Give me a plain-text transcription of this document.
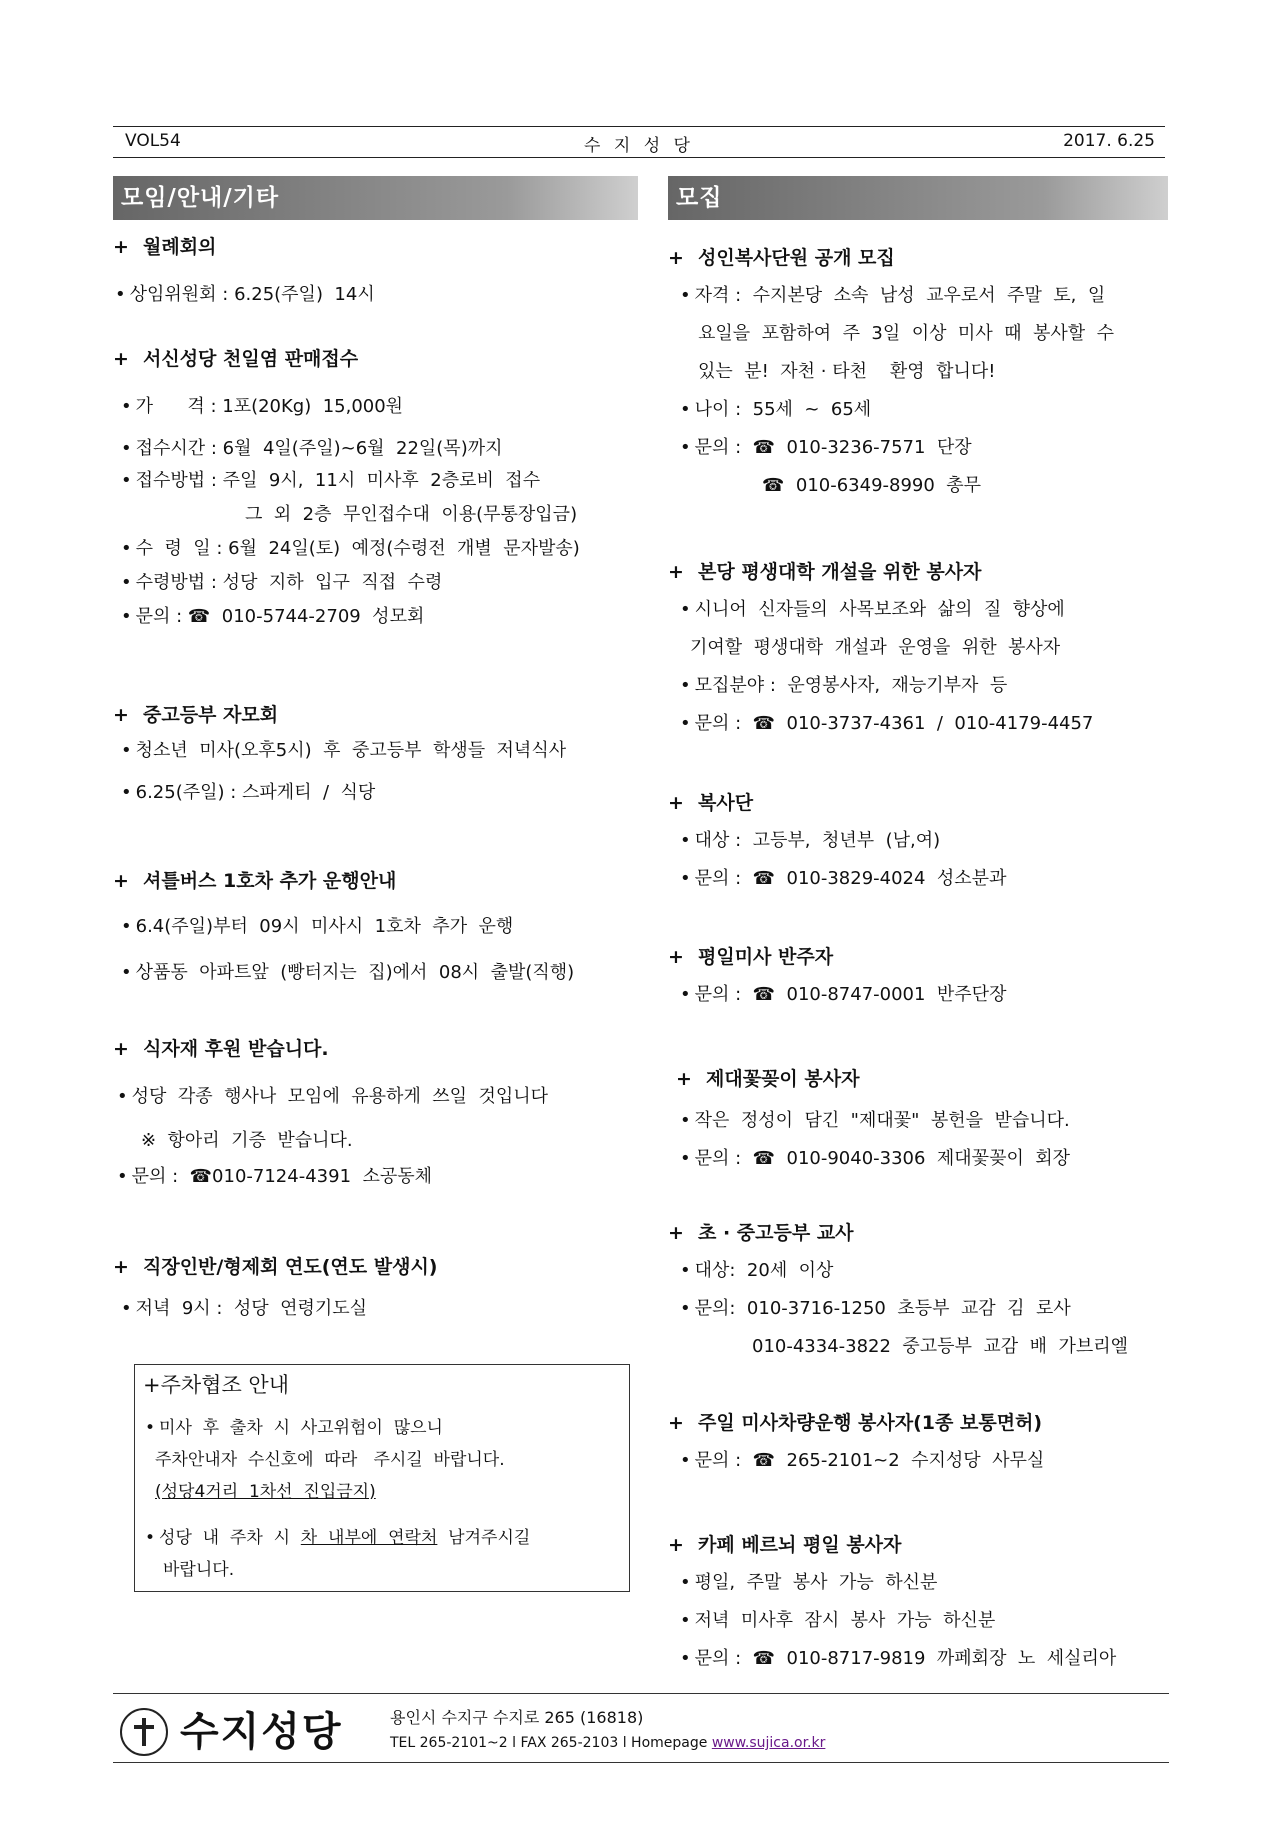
VOL54	수 지 성 당	2017. 6.25
모임/안내/기타
+ 월례회의
• 상임위원회 : 6.25(주일)  14시
+ 서신성당 천일염 판매접수
• 가      격 : 1포(20Kg)  15,000원
• 접수시간 : 6월  4일(주일)~6월  22일(목)까지
• 접수방법 : 주일  9시,  11시  미사후  2층로비  접수
그  외  2층  무인접수대  이용(무통장입금)
• 수  령  일 : 6월  24일(토)  예정(수령전  개별  문자발송)
• 수령방법 : 성당  지하  입구  직접  수령
• 문의 : ☎  010-5744-2709  성모회
+ 중고등부 자모회
• 청소년  미사(오후5시)  후  중고등부  학생들  저녁식사
• 6.25(주일) : 스파게티  /  식당
+ 셔틀버스 1호차 추가 운행안내
• 6.4(주일)부터  09시  미사시  1호차  추가  운행
• 상품동  아파트앞  (빵터지는  집)에서  08시  출발(직행)
+ 식자재 후원 받습니다.
• 성당  각종  행사나  모임에  유용하게  쓰일  것입니다
※  항아리  기증  받습니다.
• 문의 :  ☎010-7124-4391  소공동체
+ 직장인반/형제회 연도(연도 발생시)
• 저녁  9시 :  성당  연령기도실
+주차협조 안내
• 미사  후  출차  시  사고위험이  많으니
주차안내자  수신호에  따라   주시길  바랍니다.
(성당4거리  1차선  진입금지)
• 성당  내  주차  시  차  내부에  연락처  남겨주시길
바랍니다.
모집
+ 성인복사단원 공개 모집
• 자격 :  수지본당  소속  남성  교우로서  주말  토,  일
요일을  포함하여  주  3일  이상  미사  때  봉사할  수
있는  분!  자천 · 타천    환영  합니다!
• 나이 :  55세  ~  65세
• 문의 :  ☎  010-3236-7571  단장
☎  010-6349-8990  총무
+ 본당 평생대학 개설을 위한 봉사자
• 시니어  신자들의  사목보조와  삶의  질  향상에
기여할  평생대학  개설과  운영을  위한  봉사자
• 모집분야 :  운영봉사자,  재능기부자  등
• 문의 :  ☎  010-3737-4361  /  010-4179-4457
+ 복사단
• 대상 :  고등부,  청년부  (남,여)
• 문의 :  ☎  010-3829-4024  성소분과
+ 평일미사 반주자
• 문의 :  ☎  010-8747-0001  반주단장
+ 제대꽃꽂이 봉사자
• 작은  정성이  담긴  "제대꽃"  봉헌을  받습니다.
• 문의 :  ☎  010-9040-3306  제대꽃꽂이  회장
+ 초 · 중고등부 교사
• 대상:  20세  이상
• 문의:  010-3716-1250  초등부  교감  김  로사
010-4334-3822  중고등부  교감  배  가브리엘
+ 주일 미사차량운행 봉사자(1종 보통면허)
• 문의 :  ☎  265-2101~2  수지성당  사무실
+ 카페 베르뇌 평일 봉사자
• 평일,  주말  봉사  가능  하신분
• 저녁  미사후  잠시  봉사  가능  하신분
• 문의 :  ☎  010-8717-9819  까페회장  노  세실리아
수지성당	용인시 수지구 수지로 265 (16818)
TEL 265-2101~2 l FAX 265-2103 l Homepage www.sujica.or.kr
